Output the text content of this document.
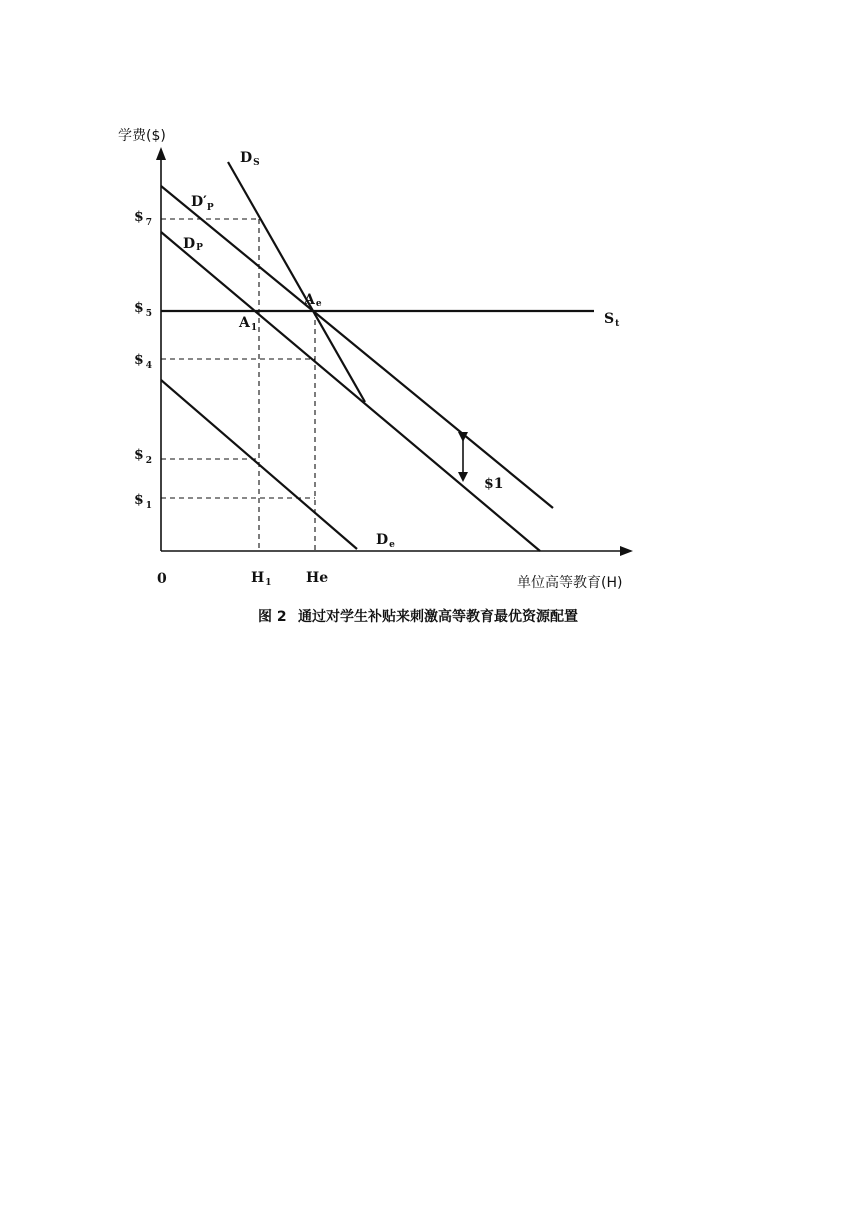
学费($)
单位高等教育(H)
0
$ $_7$
$ $_5$
$ $_4$
$ $_2$
$ $_1$
$H_1$ He
$D_S$
$D'_P$
DP
$D_e$
$S_t$
Ae
$A_1$
$1
图 2 通过对学生补贴来刺激高等教育最优资源配置
